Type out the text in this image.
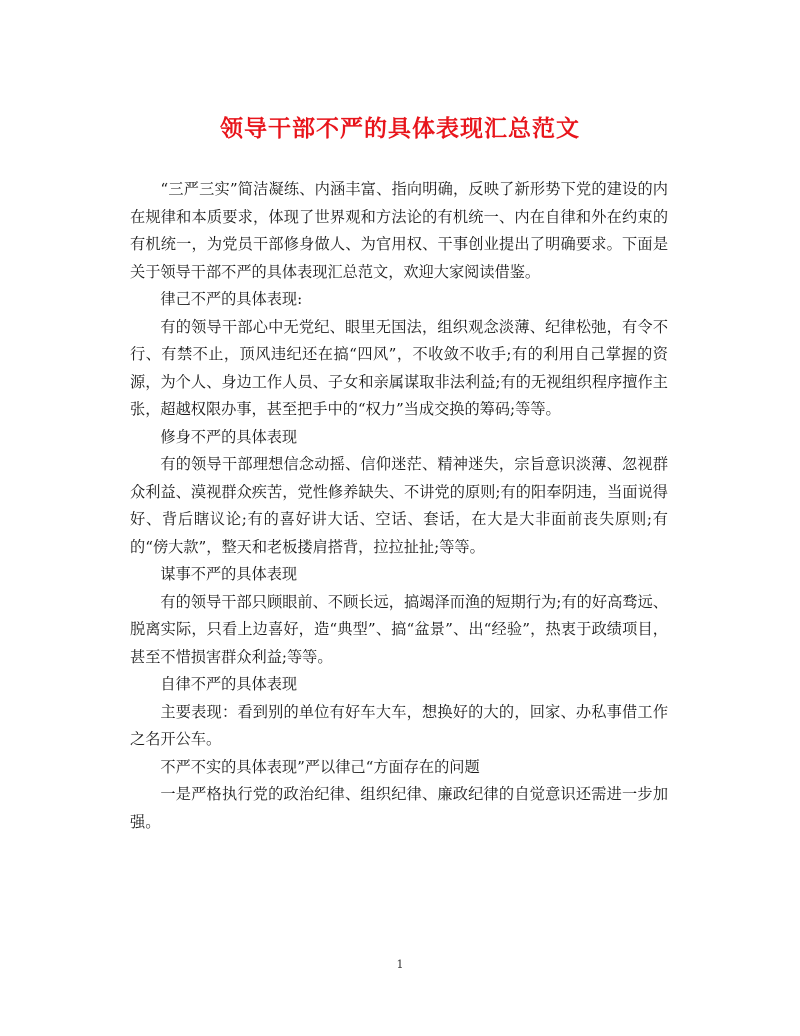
领导干部不严的具体表现汇总范文

“三严三实”简洁凝练、内涵丰富、指向明确，反映了新形势下党的建设的内在规律和本质要求，体现了世界观和方法论的有机统一、内在自律和外在约束的有机统一，为党员干部修身做人、为官用权、干事创业提出了明确要求。下面是关于领导干部不严的具体表现汇总范文，欢迎大家阅读借鉴。

律己不严的具体表现:

有的领导干部心中无党纪、眼里无国法，组织观念淡薄、纪律松弛，有令不行、有禁不止，顶风违纪还在搞“四风”，不收敛不收手;有的利用自己掌握的资源，为个人、身边工作人员、子女和亲属谋取非法利益;有的无视组织程序擅作主张，超越权限办事，甚至把手中的“权力”当成交换的筹码;等等。

修身不严的具体表现

有的领导干部理想信念动摇、信仰迷茫、精神迷失，宗旨意识淡薄、忽视群众利益、漠视群众疾苦，党性修养缺失、不讲党的原则;有的阳奉阴违，当面说得好、背后瞎议论;有的喜好讲大话、空话、套话，在大是大非面前丧失原则;有的“傍大款”，整天和老板搂肩搭背，拉拉扯扯;等等。

谋事不严的具体表现

有的领导干部只顾眼前、不顾长远，搞竭泽而渔的短期行为;有的好高骛远、脱离实际，只看上边喜好，造“典型”、搞“盆景”、出“经验”，热衷于政绩项目，甚至不惜损害群众利益;等等。

自律不严的具体表现

主要表现：看到别的单位有好车大车，想换好的大的，回家、办私事借工作之名开公车。

不严不实的具体表现”严以律己“方面存在的问题

一是严格执行党的政治纪律、组织纪律、廉政纪律的自觉意识还需进一步加强。

1
